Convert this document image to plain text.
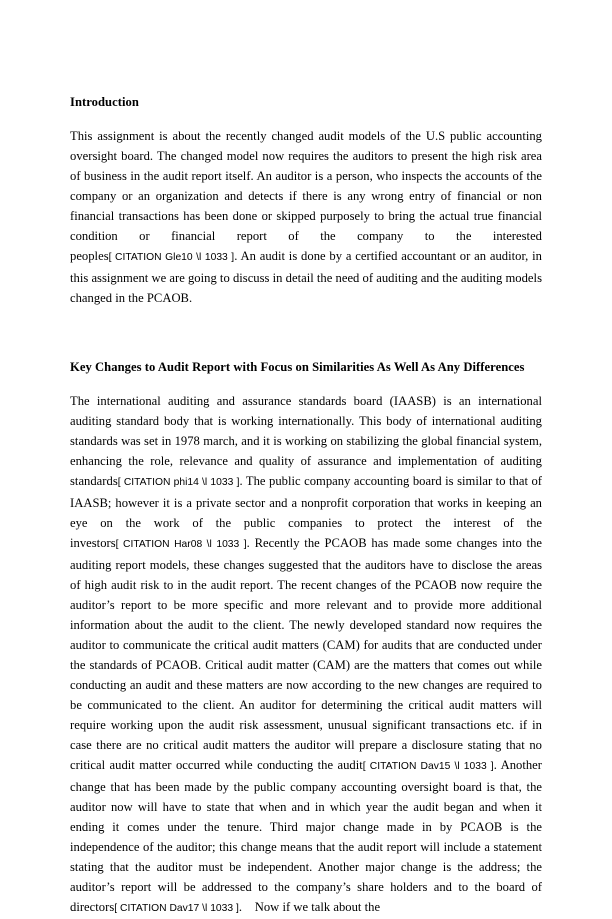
Introduction

This assignment is about the recently changed audit models of the U.S public accounting oversight board. The changed model now requires the auditors to present the high risk area of business in the audit report itself. An auditor is a person, who inspects the accounts of the company or an organization and detects if there is any wrong entry of financial or non financial transactions has been done or skipped purposely to bring the actual true financial condition or financial report of the company to the interested peoples[ CITATION Gle10 \l 1033 ]. An audit is done by a certified accountant or an auditor, in this assignment we are going to discuss in detail the need of auditing and the auditing models changed in the PCAOB.

Key Changes to Audit Report with Focus on Similarities As Well As Any Differences

The international auditing and assurance standards board (IAASB) is an international auditing standard body that is working internationally. This body of international auditing standards was set in 1978 march, and it is working on stabilizing the global financial system, enhancing the role, relevance and quality of assurance and implementation of auditing standards[ CITATION phi14 \l 1033 ]. The public company accounting board is similar to that of IAASB; however it is a private sector and a nonprofit corporation that works in keeping an eye on the work of the public companies to protect the interest of the investors[ CITATION Har08 \l 1033 ]. Recently the PCAOB has made some changes into the auditing report models, these changes suggested that the auditors have to disclose the areas of high audit risk to in the audit report. The recent changes of the PCAOB now require the auditor’s report to be more specific and more relevant and to provide more additional information about the audit to the client. The newly developed standard now requires the auditor to communicate the critical audit matters (CAM) for audits that are conducted under the standards of PCAOB. Critical audit matter (CAM) are the matters that comes out while conducting an audit and these matters are now according to the new changes are required to be communicated to the client. An auditor for determining the critical audit matters will require working upon the audit risk assessment, unusual significant transactions etc. if in case there are no critical audit matters the auditor will prepare a disclosure stating that no critical audit matter occurred while conducting the audit[ CITATION Dav15 \l 1033 ]. Another change that has been made by the public company accounting oversight board is that, the auditor now will have to state that when and in which year the audit began and when it ending it comes under the tenure. Third major change made in by PCAOB is the independence of the auditor; this change means that the audit report will include a statement stating that the auditor must be independent. Another major change is the address; the auditor’s report will be addressed to the company’s share holders and to the board of directors[ CITATION Dav17 \l 1033 ].    Now if we talk about the
